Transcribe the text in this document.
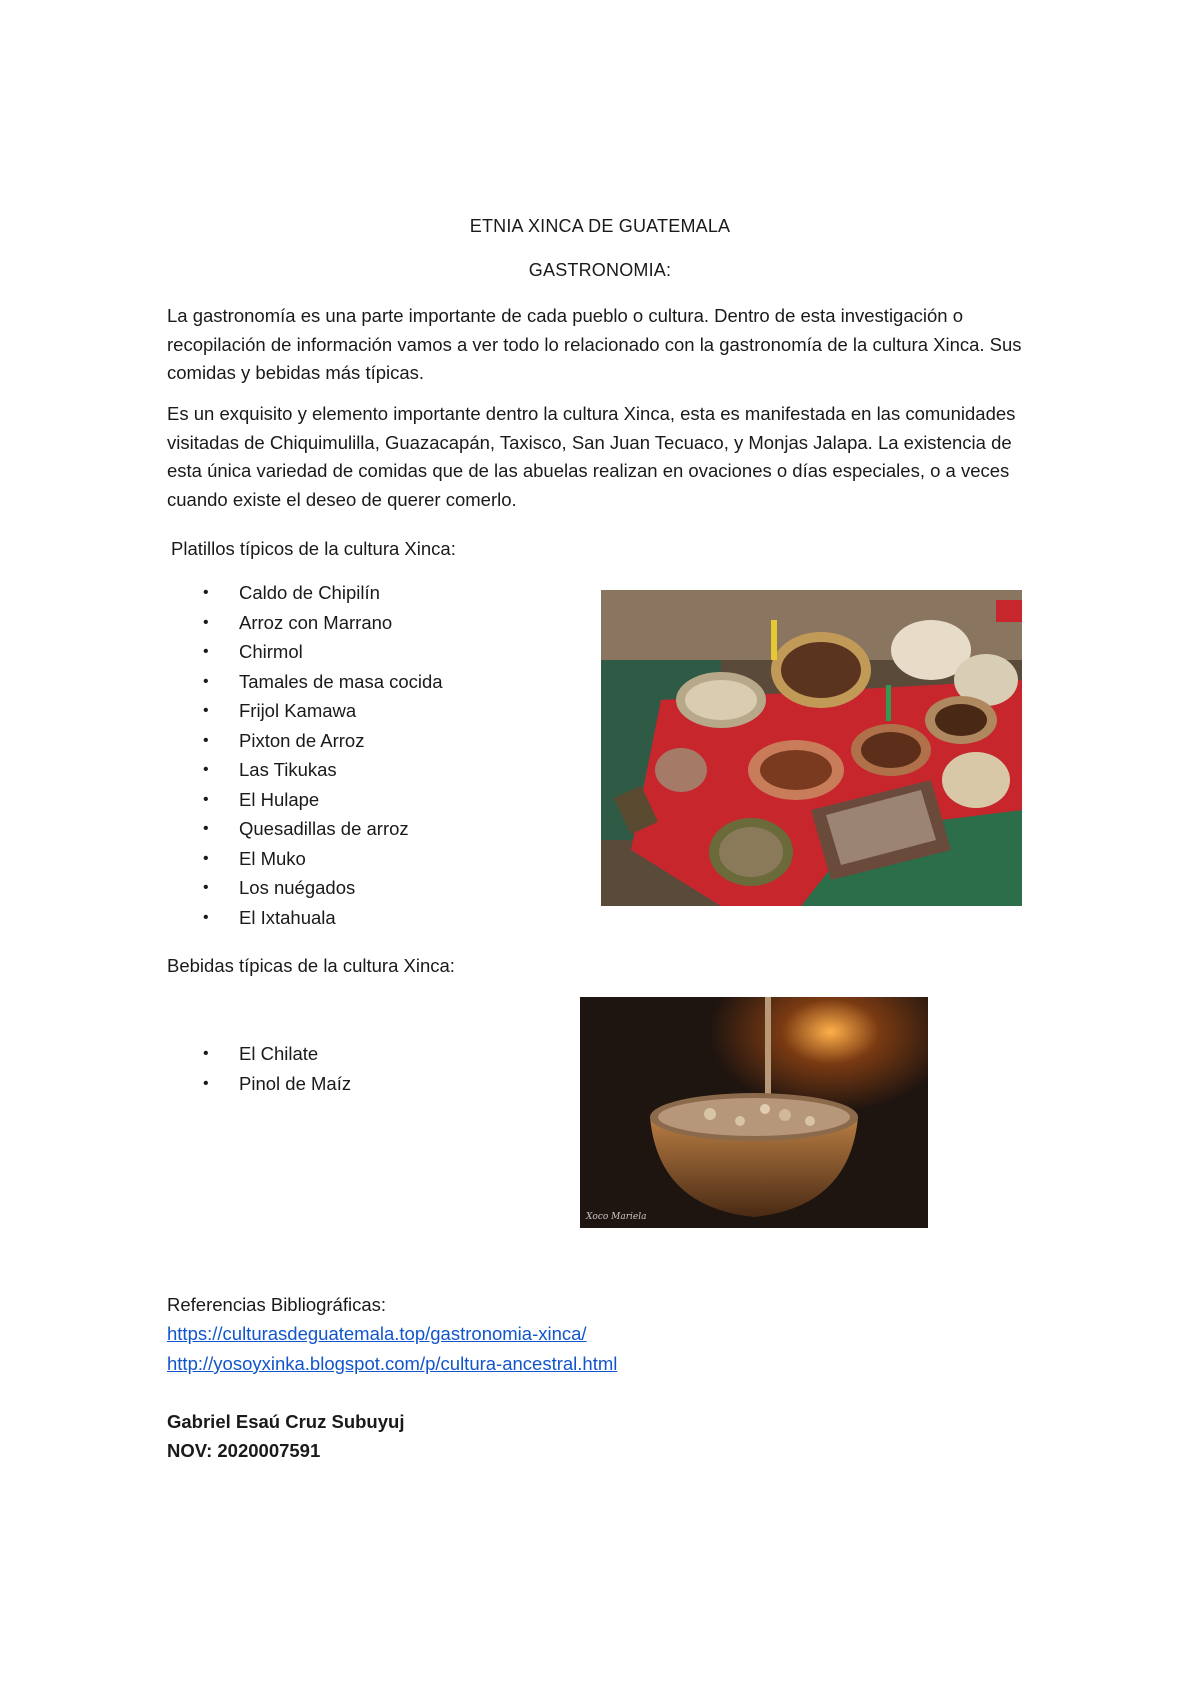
ETNIA XINCA DE GUATEMALA
GASTRONOMIA:

La gastronomía es una parte importante de cada pueblo o cultura. Dentro de esta investigación o recopilación de información vamos a ver todo lo relacionado con la gastronomía de la cultura Xinca. Sus comidas y bebidas más típicas.

Es un exquisito y elemento importante dentro la cultura Xinca, esta es manifestada en las comunidades visitadas de Chiquimulilla, Guazacapán, Taxisco, San Juan Tecuaco, y Monjas Jalapa. La existencia de esta única variedad de comidas que de las abuelas realizan en ovaciones o días especiales, o a veces cuando existe el deseo de querer comerlo.

Platillos típicos de la cultura Xinca:
• Caldo de Chipilín
• Arroz con Marrano
• Chirmol
• Tamales de masa cocida
• Frijol Kamawa
• Pixton de Arroz
• Las Tikukas
• El Hulape
• Quesadillas de arroz
• El Muko
• Los nuégados
• El Ixtahuala
Bebidas típicas de la cultura Xinca:
• El Chilate
• Pinol de Maíz
Xoco Mariela
Referencias Bibliográficas:
https://culturasdeguatemala.top/gastronomia-xinca/
http://yosoyxinka.blogspot.com/p/cultura-ancestral.html
Gabriel Esaú Cruz Subuyuj
NOV: 2020007591
